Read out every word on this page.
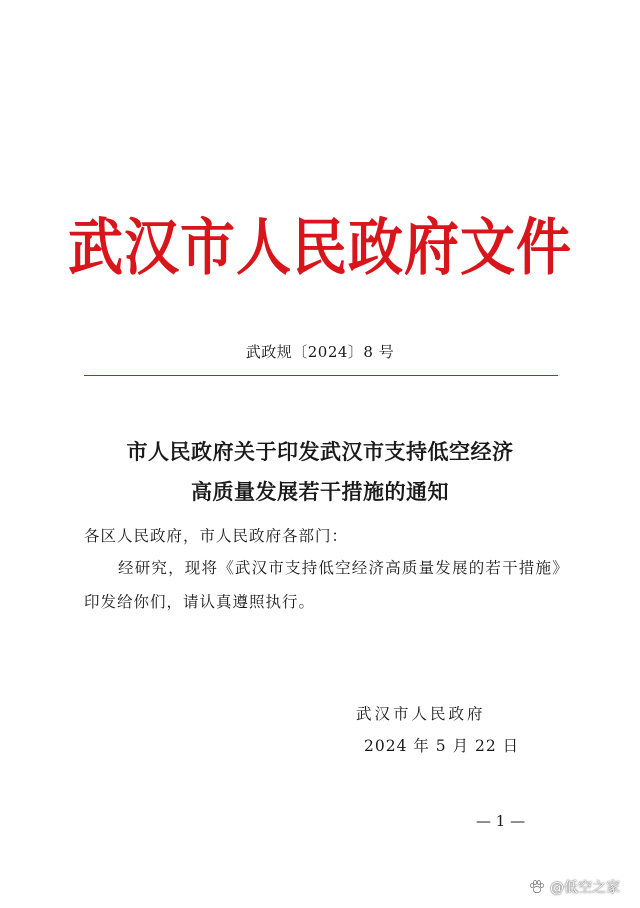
武汉市人民政府文件
武政规〔2024〕8 号
市人民政府关于印发武汉市支持低空经济
高质量发展若干措施的通知
各区人民政府，市人民政府各部门：
经研究，现将《武汉市支持低空经济高质量发展的若干措施》
印发给你们，请认真遵照执行。
武汉市人民政府
2024 年 5 月 22 日
— 1 —
@低空之家
